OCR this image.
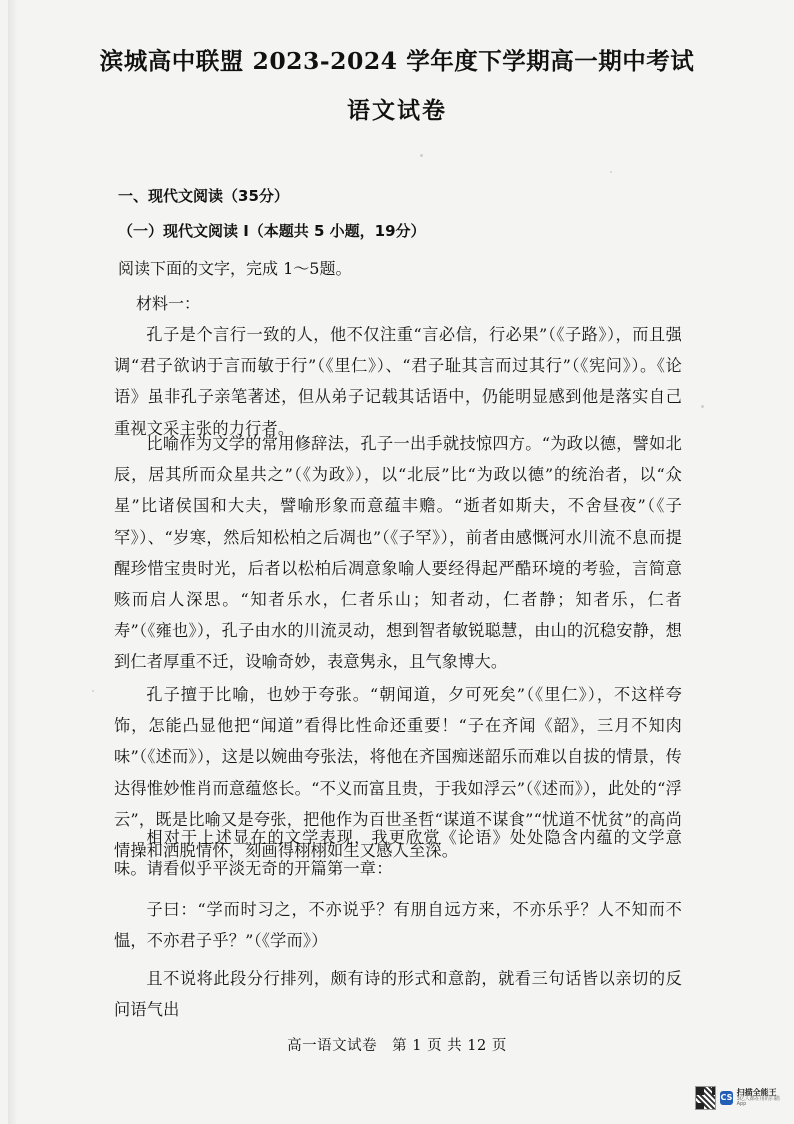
滨城高中联盟 2023-2024 学年度下学期高一期中考试
语文试卷
一、现代文阅读（35分）
（一）现代文阅读 I（本题共 5 小题，19分）
阅读下面的文字，完成 1～5题。
材料一：
孔子是个言行一致的人，他不仅注重“言必信，行必果”（《子路》），而且强调“君子欲讷于言而敏于行”（《里仁》）、“君子耻其言而过其行”（《宪问》）。《论语》虽非孔子亲笔著述，但从弟子记载其话语中，仍能明显感到他是落实自己重视文采主张的力行者。
比喻作为文学的常用修辞法，孔子一出手就技惊四方。“为政以德，譬如北辰，居其所而众星共之”（《为政》），以“北辰”比“为政以德”的统治者，以“众星”比诸侯国和大夫，譬喻形象而意蕴丰赡。“逝者如斯夫，不舍昼夜”（《子罕》）、“岁寒，然后知松柏之后凋也”（《子罕》），前者由感慨河水川流不息而提醒珍惜宝贵时光，后者以松柏后凋意象喻人要经得起严酷环境的考验，言简意赅而启人深思。“知者乐水，仁者乐山；知者动，仁者静；知者乐，仁者寿”（《雍也》），孔子由水的川流灵动，想到智者敏锐聪慧，由山的沉稳安静，想到仁者厚重不迁，设喻奇妙，表意隽永，且气象博大。
孔子擅于比喻，也妙于夸张。“朝闻道，夕可死矣”（《里仁》），不这样夸饰，怎能凸显他把“闻道”看得比性命还重要！“子在齐闻《韶》，三月不知肉味”（《述而》），这是以婉曲夸张法，将他在齐国痴迷韶乐而难以自拔的情景，传达得惟妙惟肖而意蕴悠长。“不义而富且贵，于我如浮云”（《述而》），此处的“浮云”，既是比喻又是夸张，把他作为百世圣哲“谋道不谋食”“忧道不忧贫”的高尚情操和洒脱情怀，刻画得栩栩如生又感人至深。
相对于上述显在的文学表现，我更欣赏《论语》处处隐含内蕴的文学意味。请看似乎平淡无奇的开篇第一章：
子曰：“学而时习之，不亦说乎？有朋自远方来，不亦乐乎？人不知而不愠，不亦君子乎？”（《学而》）
且不说将此段分行排列，颇有诗的形式和意韵，就看三句话皆以亲切的反问语气出
高一语文试卷　第 1 页 共 12 页
CS
扫描全能王
3亿人都在用的扫描App
